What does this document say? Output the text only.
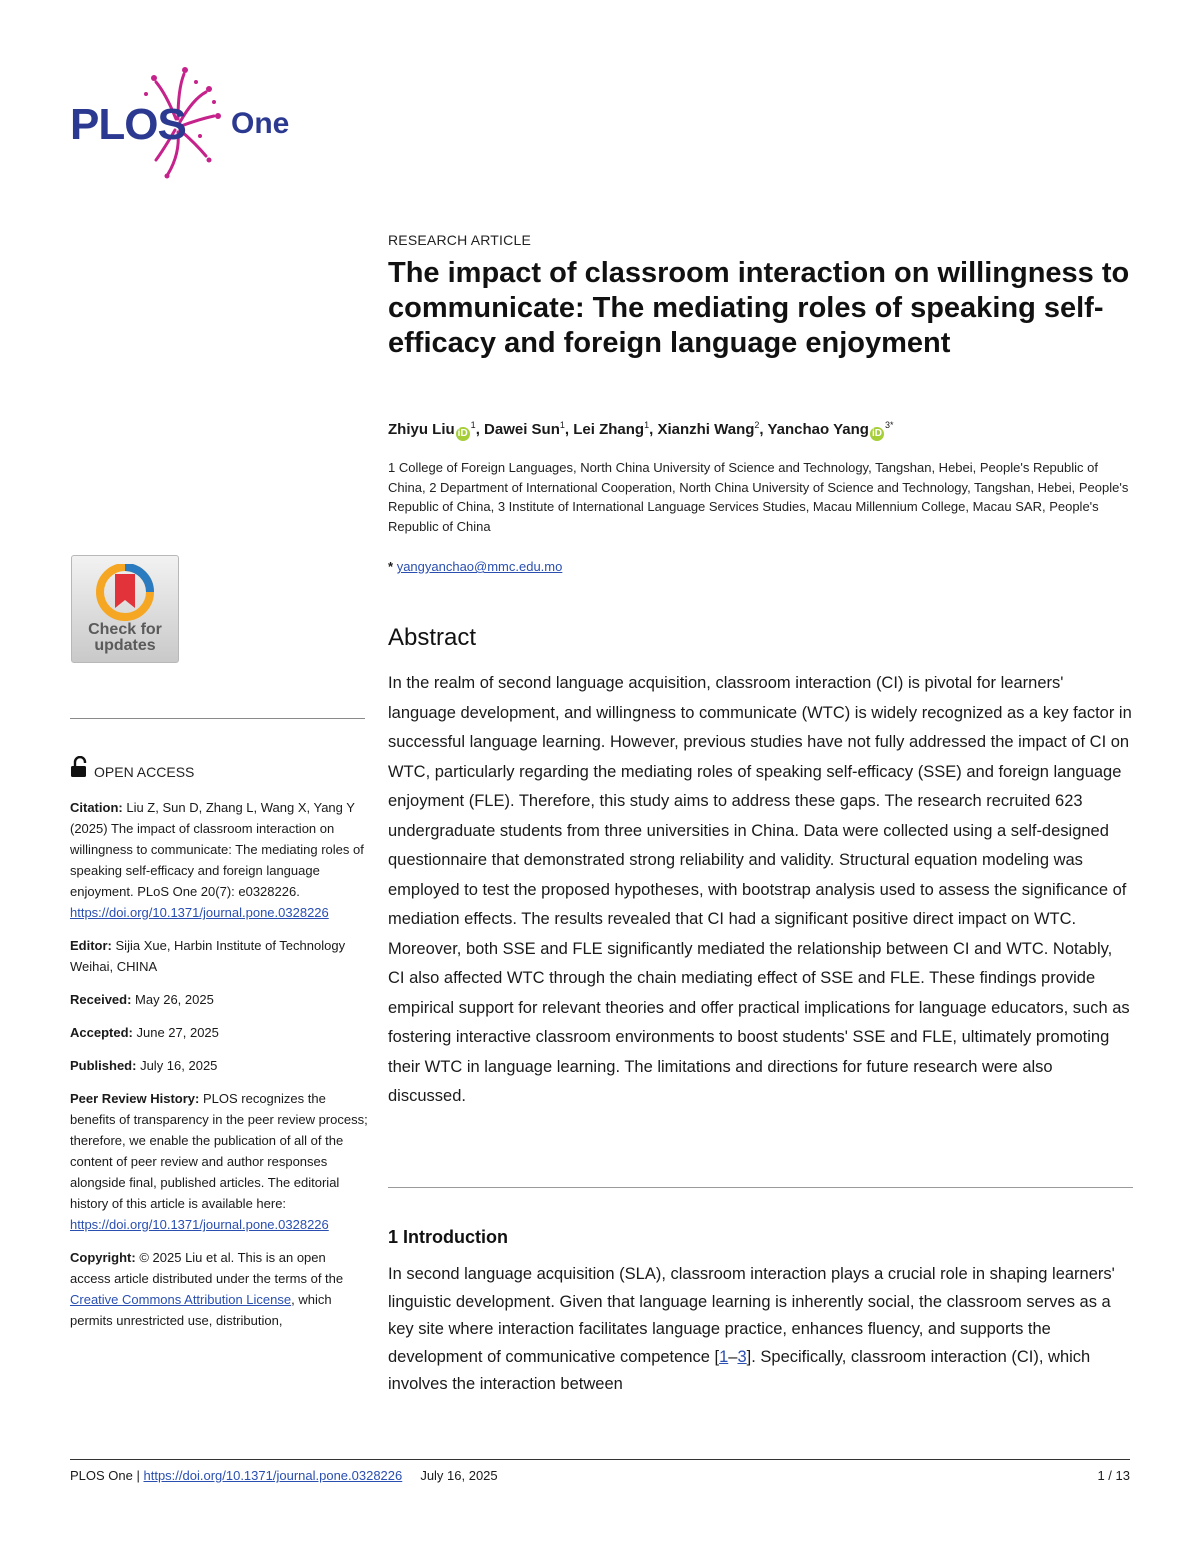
PLOS One
Check for
updates
OPEN ACCESS
Citation: Liu Z, Sun D, Zhang L, Wang X, Yang Y (2025) The impact of classroom interaction on willingness to communicate: The mediating roles of speaking self-efficacy and foreign language enjoyment. PLoS One 20(7): e0328226. https://doi.org/10.1371/journal.pone.0328226
Editor: Sijia Xue, Harbin Institute of Technology Weihai, CHINA
Received: May 26, 2025
Accepted: June 27, 2025
Published: July 16, 2025
Peer Review History: PLOS recognizes the benefits of transparency in the peer review process; therefore, we enable the publication of all of the content of peer review and author responses alongside final, published articles. The editorial history of this article is available here: https://doi.org/10.1371/journal.pone.0328226
Copyright: © 2025 Liu et al. This is an open access article distributed under the terms of the Creative Commons Attribution License, which permits unrestricted use, distribution,
RESEARCH ARTICLE
The impact of classroom interaction on willingness to communicate: The mediating roles of speaking self-efficacy and foreign language enjoyment
Zhiyu Liu $iD^1$, Dawei Sun$^1$, Lei Zhang$^1$, Xianzhi Wang$^2$, Yanchao Yang $iD^{3*}$
1 College of Foreign Languages, North China University of Science and Technology, Tangshan, Hebei, People's Republic of China, 2 Department of International Cooperation, North China University of Science and Technology, Tangshan, Hebei, People's Republic of China, 3 Institute of International Language Services Studies, Macau Millennium College, Macau SAR, People's Republic of China
* yangyanchao@mmc.edu.mo
Abstract

In the realm of second language acquisition, classroom interaction (CI) is pivotal for learners' language development, and willingness to communicate (WTC) is widely recognized as a key factor in successful language learning. However, previous studies have not fully addressed the impact of CI on WTC, particularly regarding the mediating roles of speaking self-efficacy (SSE) and foreign language enjoyment (FLE). Therefore, this study aims to address these gaps. The research recruited 623 undergraduate students from three universities in China. Data were collected using a self-designed questionnaire that demonstrated strong reliability and validity. Structural equation modeling was employed to test the proposed hypotheses, with bootstrap analysis used to assess the significance of mediation effects. The results revealed that CI had a significant positive direct impact on WTC. Moreover, both SSE and FLE significantly mediated the relationship between CI and WTC. Notably, CI also affected WTC through the chain mediating effect of SSE and FLE. These findings provide empirical support for relevant theories and offer practical implications for language educators, such as fostering interactive classroom environments to boost students' SSE and FLE, ultimately promoting their WTC in language learning. The limitations and directions for future research were also discussed.

1 Introduction

In second language acquisition (SLA), classroom interaction plays a crucial role in shaping learners' linguistic development. Given that language learning is inherently social, the classroom serves as a key site where interaction facilitates language practice, enhances fluency, and supports the development of communicative competence [1–3]. Specifically, classroom interaction (CI), which involves the interaction between

PLOS One | https://doi.org/10.1371/journal.pone.0328226 July 16, 2025	1 / 13
